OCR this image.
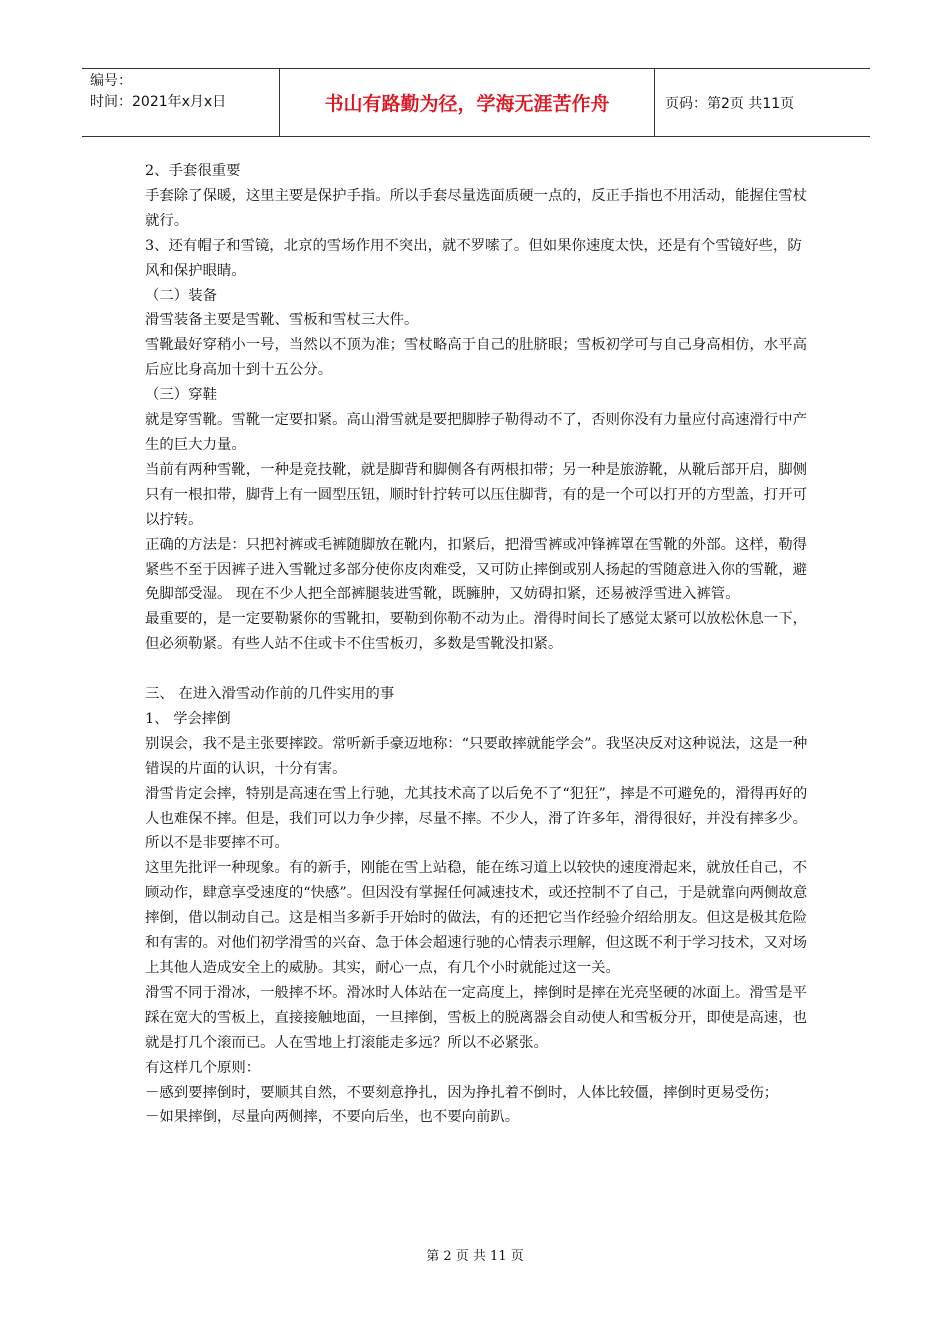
编号：
时间：2021年x月x日	书山有路勤为径，学海无涯苦作舟	页码：第2页 共11页

2、手套很重要

手套除了保暖，这里主要是保护手指。所以手套尽量选面质硬一点的，反正手指也不用活动，能握住雪杖就行。

3、还有帽子和雪镜，北京的雪场作用不突出，就不罗嗦了。但如果你速度太快，还是有个雪镜好些，防风和保护眼睛。

（二）装备

滑雪装备主要是雪靴、雪板和雪杖三大件。

雪靴最好穿稍小一号，当然以不顶为准；雪杖略高于自己的肚脐眼；雪板初学可与自己身高相仿，水平高后应比身高加十到十五公分。

（三）穿鞋

就是穿雪靴。雪靴一定要扣紧。高山滑雪就是要把脚脖子勒得动不了，否则你没有力量应付高速滑行中产生的巨大力量。

当前有两种雪靴，一种是竞技靴，就是脚背和脚侧各有两根扣带；另一种是旅游靴，从靴后部开启，脚侧只有一根扣带，脚背上有一圆型压钮，顺时针拧转可以压住脚背，有的是一个可以打开的方型盖，打开可以拧转。

正确的方法是：只把衬裤或毛裤随脚放在靴内，扣紧后，把滑雪裤或冲锋裤罩在雪靴的外部。这样，勒得紧些不至于因裤子进入雪靴过多部分使你皮肉难受，又可防止摔倒或别人扬起的雪随意进入你的雪靴，避免脚部受湿。 现在不少人把全部裤腿装进雪靴，既臃肿，又妨碍扣紧，还易被浮雪进入裤管。

最重要的，是一定要勒紧你的雪靴扣，要勒到你勒不动为止。滑得时间长了感觉太紧可以放松休息一下，但必须勒紧。有些人站不住或卡不住雪板刃，多数是雪靴没扣紧。

三、 在进入滑雪动作前的几件实用的事

1、 学会摔倒

别误会，我不是主张要摔跤。常听新手豪迈地称：“只要敢摔就能学会”。我坚决反对这种说法，这是一种错误的片面的认识，十分有害。

滑雪肯定会摔，特别是高速在雪上行驰，尤其技术高了以后免不了“犯狂”，摔是不可避免的，滑得再好的人也难保不摔。但是，我们可以力争少摔，尽量不摔。不少人，滑了许多年，滑得很好，并没有摔多少。所以不是非要摔不可。

这里先批评一种现象。有的新手，刚能在雪上站稳，能在练习道上以较快的速度滑起来，就放任自己，不顾动作，肆意享受速度的“快感”。但因没有掌握任何减速技术，或还控制不了自己，于是就靠向两侧故意摔倒，借以制动自己。这是相当多新手开始时的做法，有的还把它当作经验介绍给朋友。但这是极其危险和有害的。对他们初学滑雪的兴奋、急于体会超速行驰的心情表示理解，但这既不利于学习技术，又对场上其他人造成安全上的威胁。其实，耐心一点，有几个小时就能过这一关。

滑雪不同于滑冰，一般摔不坏。滑冰时人体站在一定高度上，摔倒时是摔在光亮坚硬的冰面上。滑雪是平踩在宽大的雪板上，直接接触地面，一旦摔倒，雪板上的脱离器会自动使人和雪板分开，即使是高速，也就是打几个滚而已。人在雪地上打滚能走多远？所以不必紧张。

有这样几个原则：

－感到要摔倒时，要顺其自然，不要刻意挣扎，因为挣扎着不倒时，人体比较僵，摔倒时更易受伤；

－如果摔倒，尽量向两侧摔，不要向后坐，也不要向前趴。

第 2 页 共 11 页
